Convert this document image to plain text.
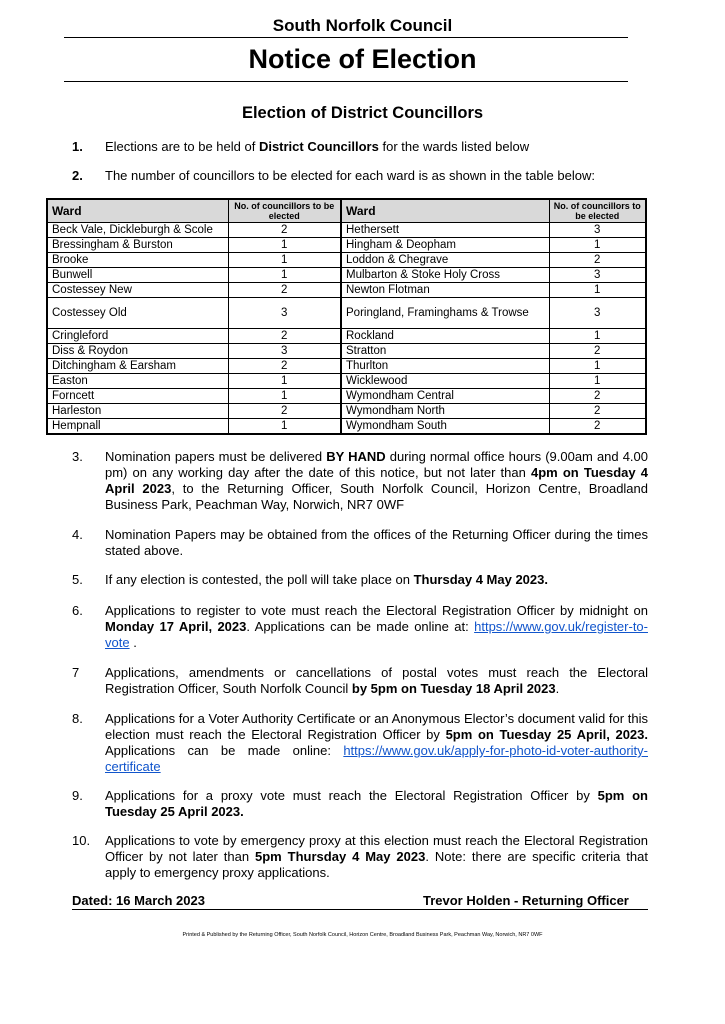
South Norfolk Council
Notice of Election
Election of District Councillors
1. Elections are to be held of District Councillors for the wards listed below
2. The number of councillors to be elected for each ward is as shown in the table below:
Ward	No. of councillors to be elected	Ward	No. of councillors to be elected
Beck Vale, Dickleburgh & Scole	2	Hethersett	3
Bressingham & Burston	1	Hingham & Deopham	1
Brooke	1	Loddon & Chegrave	2
Bunwell	1	Mulbarton & Stoke Holy Cross	3
Costessey New	2	Newton Flotman	1
Costessey Old	3	Poringland, Framinghams & Trowse	3
Cringleford	2	Rockland	1
Diss & Roydon	3	Stratton	2
Ditchingham & Earsham	2	Thurlton	1
Easton	1	Wicklewood	1
Forncett	1	Wymondham Central	2
Harleston	2	Wymondham North	2
Hempnall	1	Wymondham South	2
3. Nomination papers must be delivered BY HAND during normal office hours (9.00am and 4.00 pm) on any working day after the date of this notice, but not later than 4pm on Tuesday 4 April 2023, to the Returning Officer, South Norfolk Council, Horizon Centre, Broadland Business Park, Peachman Way, Norwich, NR7 0WF
4. Nomination Papers may be obtained from the offices of the Returning Officer during the times stated above.
5. If any election is contested, the poll will take place on Thursday 4 May 2023.
6. Applications to register to vote must reach the Electoral Registration Officer by midnight on Monday 17 April, 2023. Applications can be made online at: https://www.gov.uk/register-to-vote .
7 Applications, amendments or cancellations of postal votes must reach the Electoral Registration Officer, South Norfolk Council by 5pm on Tuesday 18 April 2023.
8. Applications for a Voter Authority Certificate or an Anonymous Elector’s document valid for this election must reach the Electoral Registration Officer by 5pm on Tuesday 25 April, 2023. Applications can be made online: https://www.gov.uk/apply-for-photo-id-voter-authority-certificate
9. Applications for a proxy vote must reach the Electoral Registration Officer by 5pm on Tuesday 25 April 2023.
10. Applications to vote by emergency proxy at this election must reach the Electoral Registration Officer by not later than 5pm Thursday 4 May 2023. Note: there are specific criteria that apply to emergency proxy applications.
Dated: 16 March 2023	Trevor Holden - Returning Officer
Printed & Published by the Returning Officer, South Norfolk Council, Horizon Centre, Broadland Business Park, Peachman Way, Norwich, NR7 0WF
